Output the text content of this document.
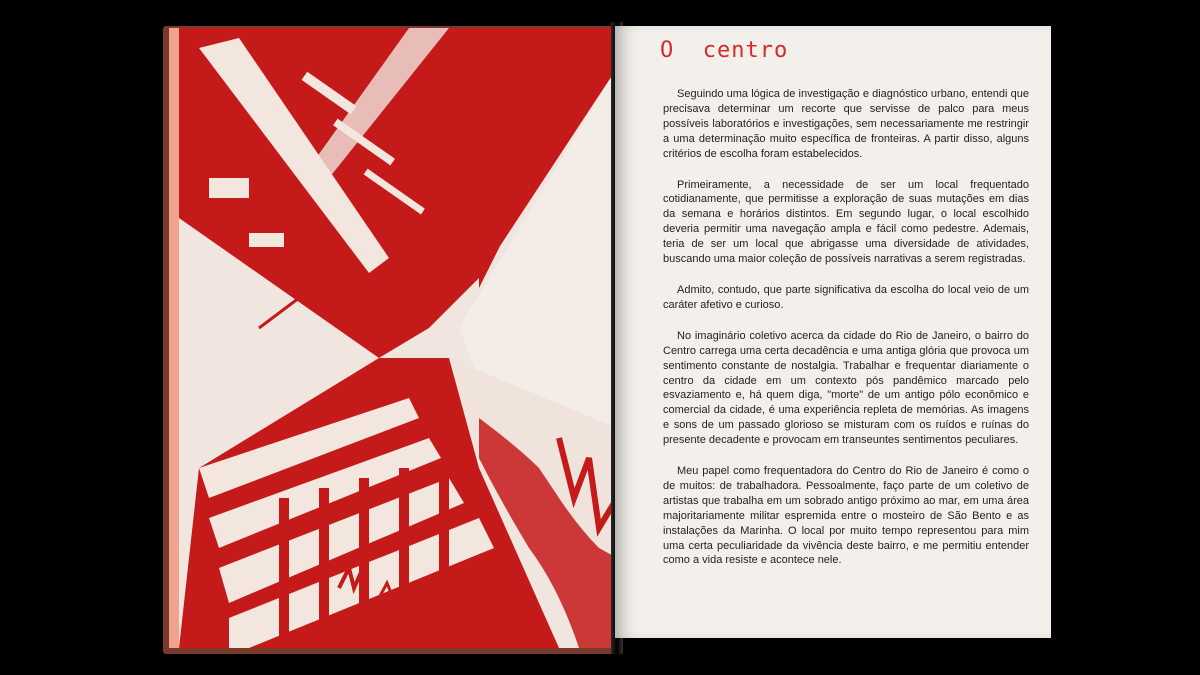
O  centro

Seguindo uma lógica de investigação e diagnóstico urbano, entendi que precisava determinar um recorte que servisse de palco para meus possíveis laboratórios e investigações, sem necessariamente me restringir a uma determinação muito específica de fronteiras. A partir disso, alguns critérios de escolha foram estabelecidos.

Primeiramente, a necessidade de ser um local frequentado cotidianamente, que permitisse a exploração de suas mutações em dias da semana e horários distintos. Em segundo lugar, o local escolhido deveria permitir uma navegação ampla e fácil como pedestre. Ademais, teria de ser um local que abrigasse uma diversidade de atividades, buscando uma maior coleção de possíveis narrativas a serem registradas.

Admito, contudo, que parte significativa da escolha do local veio de um caráter afetivo e curioso.

No imaginário coletivo acerca da cidade do Rio de Janeiro, o bairro do Centro carrega uma certa decadência e uma antiga glória que provoca um sentimento constante de nostalgia. Trabalhar e frequentar diariamente o centro da cidade em um contexto pós pandêmico marcado pelo esvaziamento e, há quem diga, "morte" de um antigo pólo econômico e comercial da cidade, é uma experiência repleta de memórias. As imagens e sons de um passado glorioso se misturam com os ruídos e ruínas do presente decadente e provocam em transeuntes sentimentos peculiares.

Meu papel como frequentadora do Centro do Rio de Janeiro é como o de muitos: de trabalhadora. Pessoalmente, faço parte de um coletivo de artistas que trabalha em um sobrado antigo próximo ao mar, em uma área majoritariamente militar espremida entre o mosteiro de São Bento e as instalações da Marinha. O local por muito tempo representou para mim uma certa peculiaridade da vivência deste bairro, e me permitiu entender como a vida resiste e acontece nele.
